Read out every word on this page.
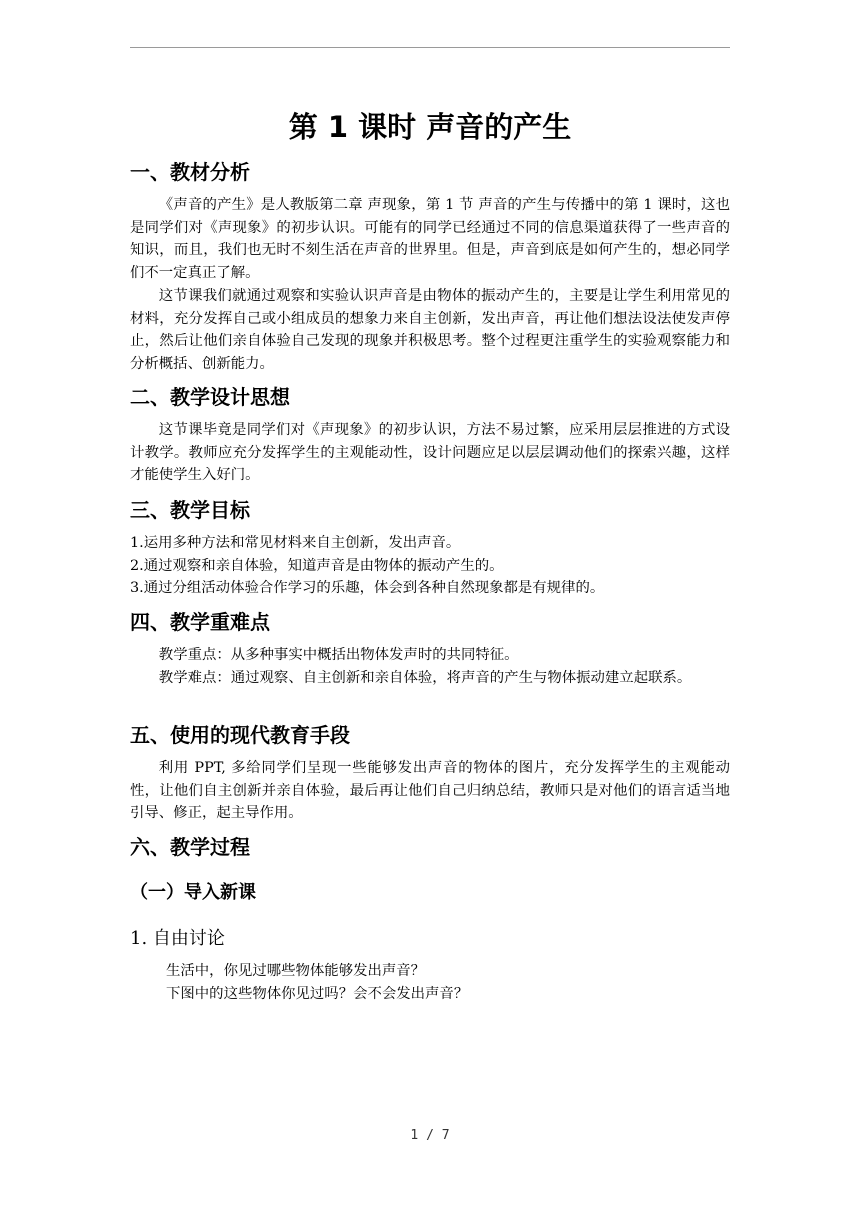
第 1 课时 声音的产生
一、教材分析

《声音的产生》是人教版第二章 声现象，第 1 节 声音的产生与传播中的第 1 课时，这也是同学们对《声现象》的初步认识。可能有的同学已经通过不同的信息渠道获得了一些声音的知识，而且，我们也无时不刻生活在声音的世界里。但是，声音到底是如何产生的，想必同学们不一定真正了解。

这节课我们就通过观察和实验认识声音是由物体的振动产生的，主要是让学生利用常见的材料，充分发挥自己或小组成员的想象力来自主创新，发出声音，再让他们想法设法使发声停止，然后让他们亲自体验自己发现的现象并积极思考。整个过程更注重学生的实验观察能力和分析概括、创新能力。

二、教学设计思想

这节课毕竟是同学们对《声现象》的初步认识，方法不易过繁，应采用层层推进的方式设计教学。教师应充分发挥学生的主观能动性，设计问题应足以层层调动他们的探索兴趣，这样才能使学生入好门。

三、教学目标
1.运用多种方法和常见材料来自主创新，发出声音。
2.通过观察和亲自体验，知道声音是由物体的振动产生的。
3.通过分组活动体验合作学习的乐趣，体会到各种自然现象都是有规律的。
四、教学重难点

教学重点：从多种事实中概括出物体发声时的共同特征。

教学难点：通过观察、自主创新和亲自体验，将声音的产生与物体振动建立起联系。

五、使用的现代教育手段

利用 PPT, 多给同学们呈现一些能够发出声音的物体的图片，充分发挥学生的主观能动性，让他们自主创新并亲自体验，最后再让他们自己归纳总结，教师只是对他们的语言适当地引导、修正，起主导作用。

六、教学过程
（一）导入新课
1. 自由讨论
生活中，你见过哪些物体能够发出声音？
下图中的这些物体你见过吗？会不会发出声音？
1 / 7
